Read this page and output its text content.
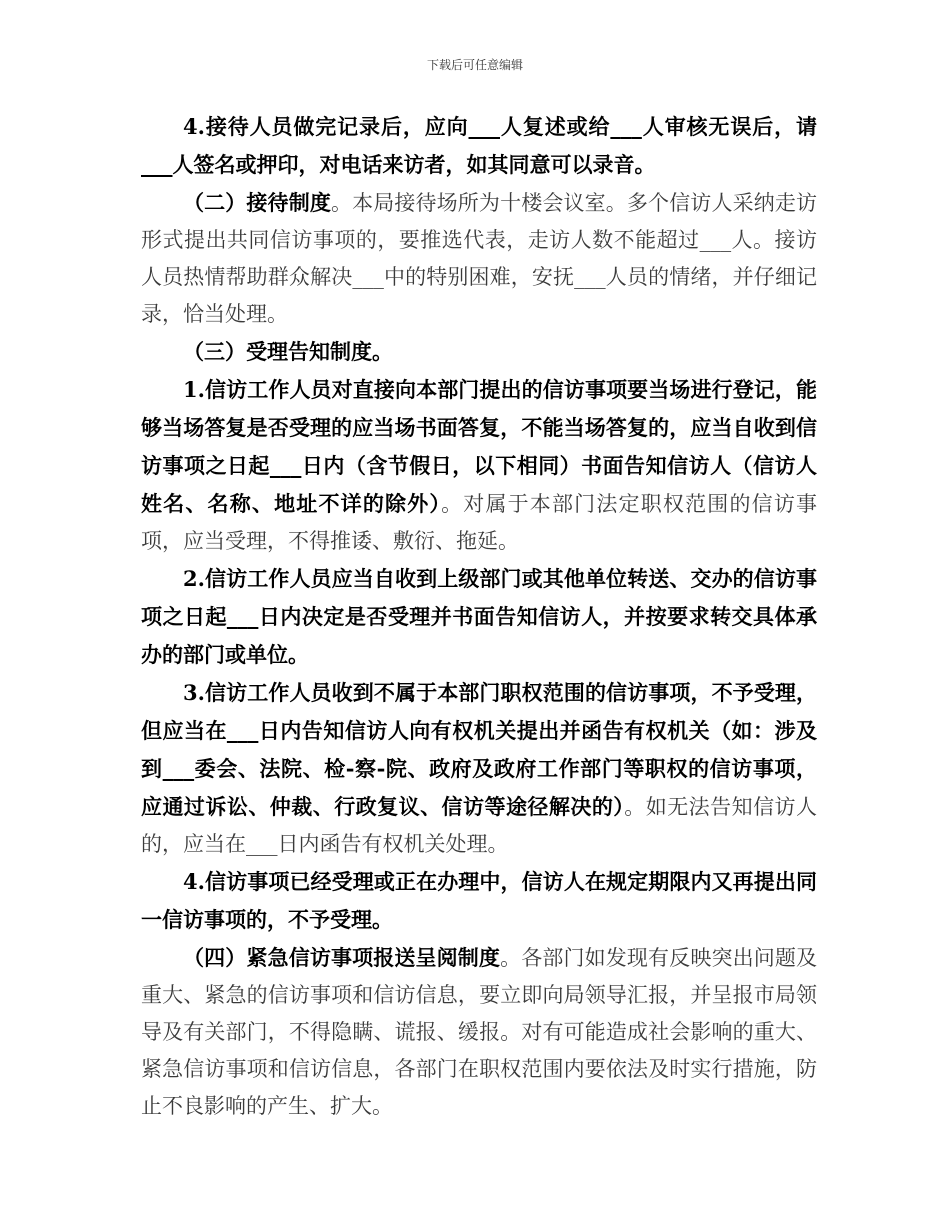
下载后可任意编辑

4.接待人员做完记录后，应向___人复述或给___人审核无误后，请___人签名或押印，对电话来访者，如其同意可以录音。

（二）接待制度。本局接待场所为十楼会议室。多个信访人采纳走访形式提出共同信访事项的，要推选代表，走访人数不能超过___人。接访人员热情帮助群众解决___中的特别困难，安抚___人员的情绪，并仔细记录，恰当处理。

（三）受理告知制度。

1.信访工作人员对直接向本部门提出的信访事项要当场进行登记，能够当场答复是否受理的应当场书面答复，不能当场答复的，应当自收到信访事项之日起___日内（含节假日，以下相同）书面告知信访人（信访人姓名、名称、地址不详的除外）。对属于本部门法定职权范围的信访事项，应当受理，不得推诿、敷衍、拖延。

2.信访工作人员应当自收到上级部门或其他单位转送、交办的信访事项之日起___日内决定是否受理并书面告知信访人，并按要求转交具体承办的部门或单位。

3.信访工作人员收到不属于本部门职权范围的信访事项，不予受理，但应当在___日内告知信访人向有权机关提出并函告有权机关（如：涉及到___委会、法院、检-察-院、政府及政府工作部门等职权的信访事项，应通过诉讼、仲裁、行政复议、信访等途径解决的）。如无法告知信访人的，应当在___日内函告有权机关处理。

4.信访事项已经受理或正在办理中，信访人在规定期限内又再提出同一信访事项的，不予受理。

（四）紧急信访事项报送呈阅制度。各部门如发现有反映突出问题及重大、紧急的信访事项和信访信息，要立即向局领导汇报，并呈报市局领导及有关部门，不得隐瞒、谎报、缓报。对有可能造成社会影响的重大、紧急信访事项和信访信息，各部门在职权范围内要依法及时实行措施，防止不良影响的产生、扩大。
